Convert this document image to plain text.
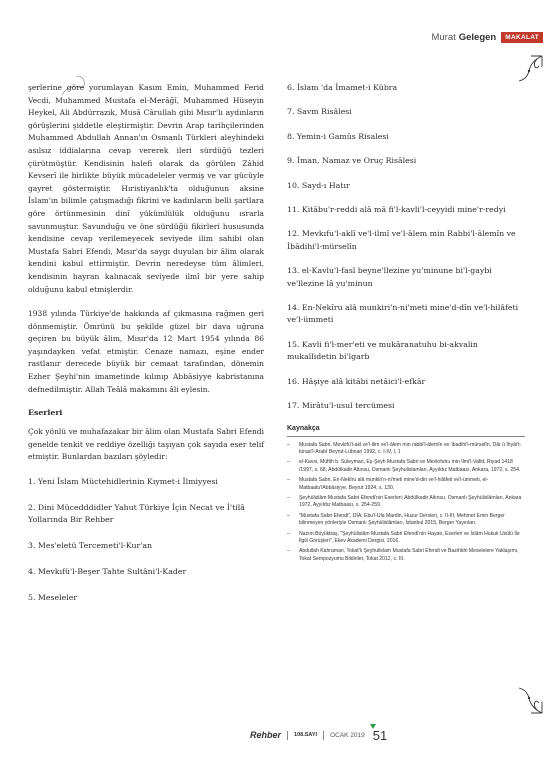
Murat Gelegen	MAKALAT

şerlerine göre yorumlayan Kasım Emin, Muhammed Ferid Vecdi, Muhammed Mustafa el-Merâğî, Muhammed Hüseyin Heykel, Ali Abdürrazık, Musâ Cârullah gibi Mısır'lı aydınların görüşlerini şiddetle eleştirmiştir. Devrin Arap tarihçilerinden Muhammed Abdullah Annan'ın Osmanlı Türkleri aleyhindeki asılsız iddialarına cevap vererek ileri sürdüğü tezleri çürütmüştür. Kendisinin halefi olarak da görülen Zâhid Kevserî ile birlikte büyük mücadeleler vermiş ve var gücüyle gayret göstermiştir. Hıristiyanlık'ta olduğunun aksine İslam'ın bilimle çatışmadığı fikrini ve kadınların belli şartlara göre örtünmesinin dinî yükümlülük olduğunu ısrarla savunmuştur. Savunduğu ve öne sürdüğü fikirleri hususunda kendisine cevap verilemeyecek seviyede ilim sahibi olan Mustafa Sabri Efendi, Mısır'da saygı duyulan bir âlim olarak kendini kabul ettirmiştir. Devrin neredeyse tüm âlimleri, kendisinin hayran kalınacak seviyede ilmî bir yere sahip olduğunu kabul etmişlerdir.

1938 yılında Türkiye'de hakkında af çıkmasına rağmen geri dönmemiştir. Ömrünü bu şekilde güzel bir dava uğruna geçiren bu büyük âlim, Mısır'da 12 Mart 1954 yılında 86 yaşındayken vefat etmiştir. Cenaze namazı, eşine ender rastlanır derecede büyük bir cemaat tarafından, dönemin Ezher Şeyhi'nin imametinde kılınıp Abbâsiyye kabristanına defnedilmiştir. Allah Teâlâ makamını âli eylesin.

Eserleri

Çok yönlü ve muhafazakar bir âlim olan Mustafa Sabri Efendi genelde tenkit ve reddiye özelliği taşıyan çok sayıda eser telif etmiştir. Bunlardan bazıları şöyledir:

1. Yeni İslam Müctehidlerinin Kıymet-i İlmiyyesi
2. Dini Mücedddidler Yahut Türkiye İçin Necat ve İ'tilâ Yollarında Bir Rehber
3. Mes'eletü Tercemeti'l-Kur'an
4. Mevkıfü'l-Beşer Tahte Sultâni'l-Kader
5. Meseleler
6. İslam 'da İmamet-i Kübra
7. Savm Risâlesi
8. Yemin-i Gamûs Risalesi
9. İman, Namaz ve Oruç Risâlesi
10. Sayd-ı Hatır
11. Kitâbu'r-reddi alâ mâ fi'l-kavli'l-ceyyidi mine'r-redyi
12. Mevkıfu'l-aklî ve'l-ilmî ve'l-âlem min Rabbi'l-âlemîn ve İbâdihi'l-mürselîn
13. el-Kavlu'l-fasl beyne'llezine yu'minune bi'l-gaybi ve'llezine lâ yu'minun
14. En-Nekîru alâ munkiri'n-ni'meti mine'd-dîn ve'l-hilâfeti ve'l-ümmeti
15. Kavli fi'l-mer'eti ve mukâranatuhu bi-akvalin mukallidetin bi'lgarb
16. Hâşiye alâ kitâbi netâici'l-efkâr
17. Mirâtu'l-usul tercümesi
Kaynakça
– Mustafa Sabri, Mevkifü'l-akl ve'l-ilim ve'l-âlem min rabbi'l-âlemîn ve 'ibadihi'l-mürselîn, Dâr û İhyâi't-türasi'l-Arabî Beyrut-Lübnan 1992, c. I-IV, I, 1
– el-Kavsi, Müftih b. Süleyman, Eş-Şeyh Mustafa Sabri ve Mevkıfuhu min İlmi'l-Vafid, Riyad 1418 /1997, s. 68, Abdülkadir Altınsu, Osmanlı Şeyhulislamları, Ayyıldız Matbaası, Ankara, 1972, s. 254.
– Mustafa Sabri, En-Nekîru alâ munkiri'n-ni'meti mine'd-din ve'l-hilâfeti ve'l-ümmeti, el-Matbaatu'lAbbâsiyye, Beyrut 1924, s. 130.
– Şeyhülislâm Mustafa Sabri Efendi'nin Eserleri; Abdülkadir Altınsu, Osmanlı Şeyhülislâmları, Ankara 1972, Ayyıldız Matbaası, s. 254-259.
– "Mustafa Sabri Efendi", DİA; Ebu'l-Ula Mardin, Huzur Dersleri, c. II-III; Mehmet Emin Berger bilinmeyen yönleriyle Osmanlı Şeyhülislâmları, İstanbul 2015, Berger Yayınları.
– Nazım Büyükbaş, "Şeyhülislâm Mustafa Sabri Efendi'nin Hayatı, Eserleri ve İslâm Hukuk Usûlü İle İlgili Görüşleri", Ekev Akademi Dergisi, 2016.
– Abdullah Kahraman, Tokat'lı Şeyhulislam Mustafa Sabri Efendi ve Bazıfıkhi Meselelere Yaklaşımı, Tokat Sempozyumu Bildiriler, Tokat 2012, c. III.
Rehber 108.SAYI OCAK 2019 51
